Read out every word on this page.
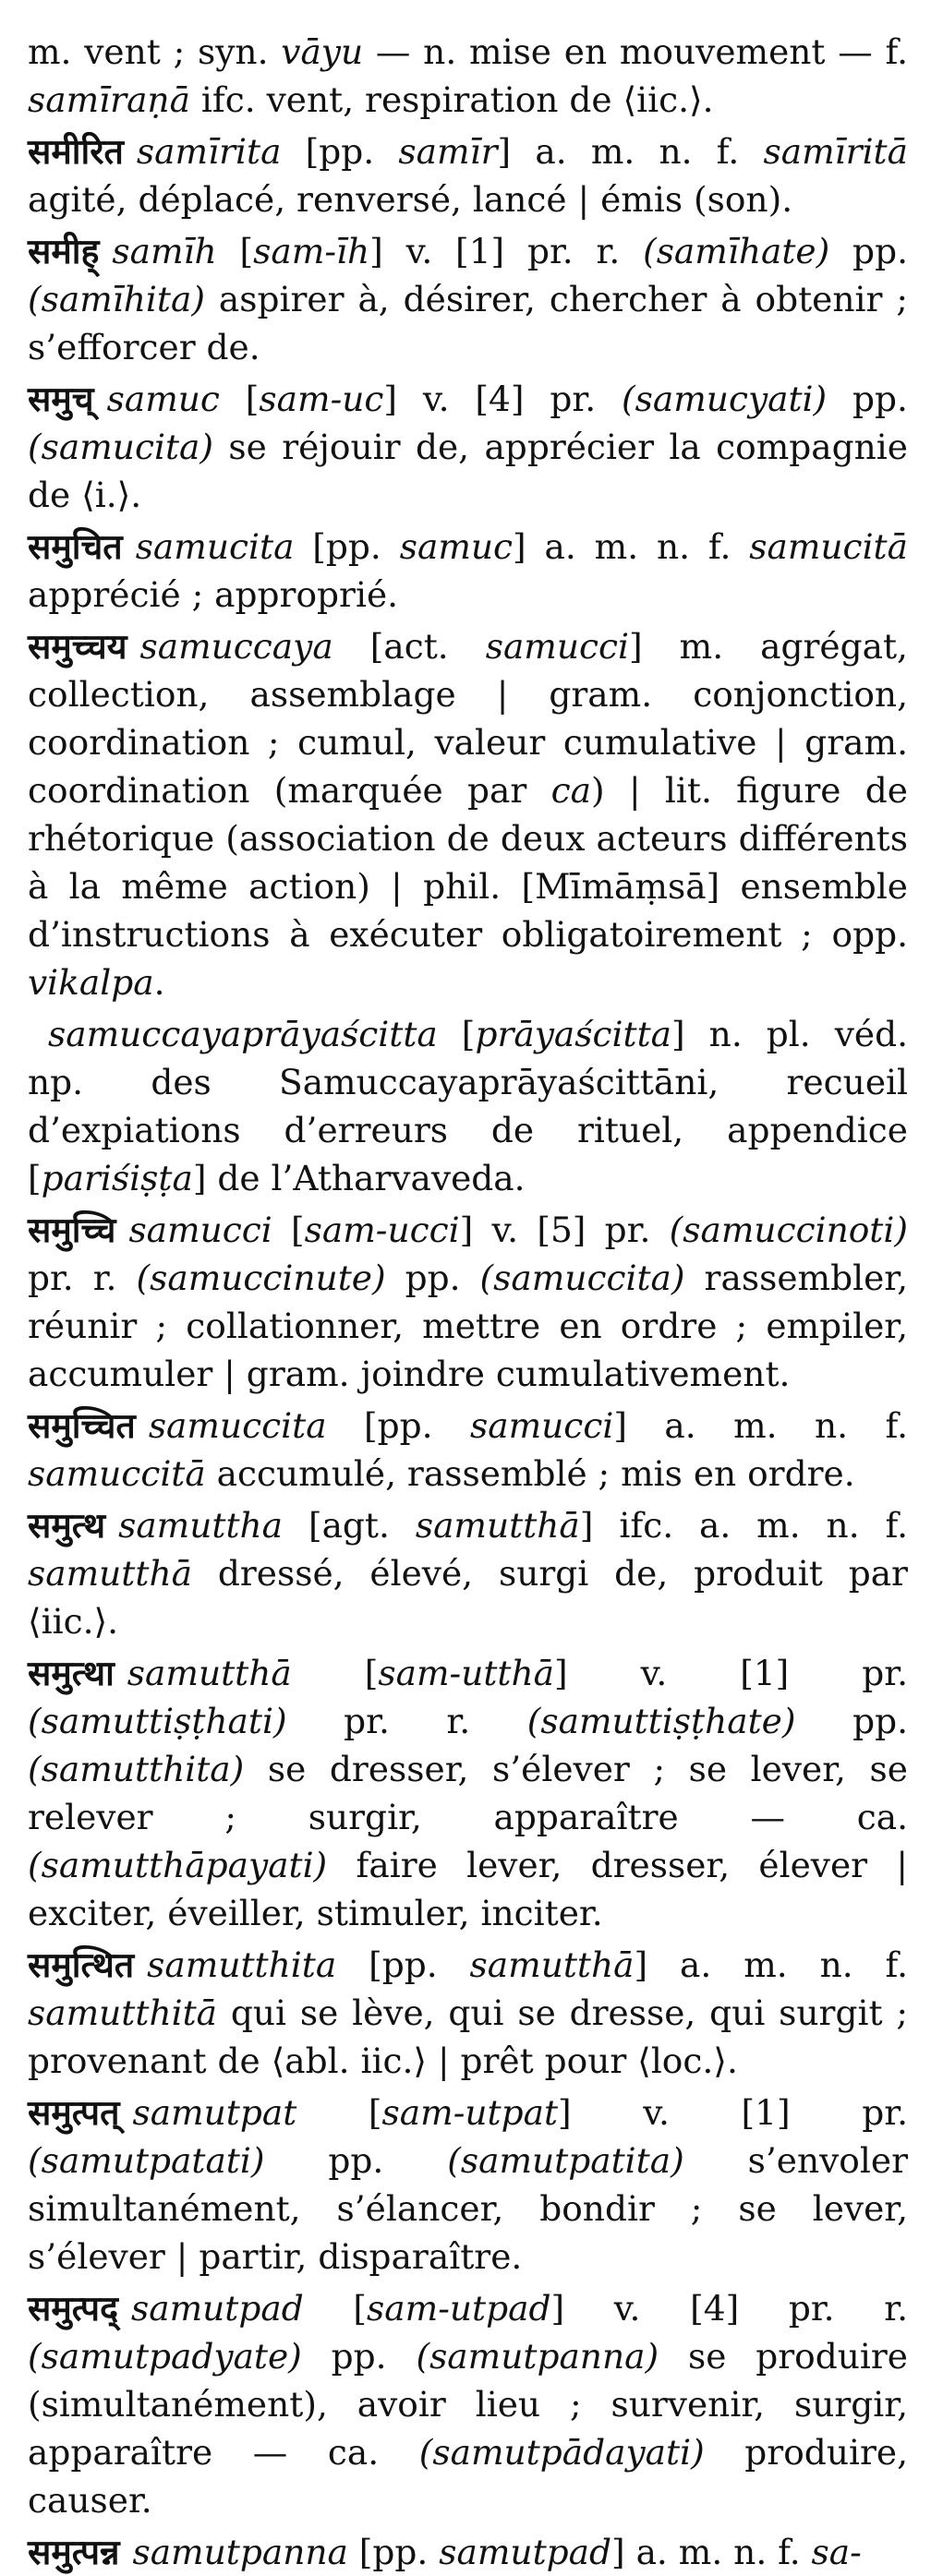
m. vent ; syn. vāyu — n. mise en mouvement — f. samīraṇā ifc. vent, respiration de ⟨iic.⟩.
समीरित samīrita [pp. samīr] a. m. n. f. samīritā agité, déplacé, renversé, lancé | émis (son).
समीह् samīh [sam-īh] v. [1] pr. r. (samīhate) pp. (samīhita) aspirer à, désirer, chercher à obtenir ; s’efforcer de.
समुच् samuc [sam-uc] v. [4] pr. (samucyati) pp. (samucita) se réjouir de, apprécier la compagnie de ⟨i.⟩.
समुचित samucita [pp. samuc] a. m. n. f. samucitā apprécié ; approprié.
समुच्चय samuccaya [act. samucci] m. agrégat, collection, assemblage | gram. conjonction, coordination ; cumul, valeur cumulative | gram. coordination (marquée par ca) | lit. figure de rhétorique (association de deux acteurs différents à la même action) | phil. [Mīmāṃsā] ensemble d’instructions à exécuter obligatoirement ; opp. vikalpa.
samuccayaprāyaścitta [prāyaścitta] n. pl. véd. np. des Samuccayaprāyaścittāni, recueil d’expiations d’erreurs de rituel, appendice [pariśiṣṭa] de l’Atharvaveda.
समुच्चि samucci [sam-ucci] v. [5] pr. (samuccinoti) pr. r. (samuccinute) pp. (samuccita) rassembler, réunir ; collationner, mettre en ordre ; empiler, accumuler | gram. joindre cumulativement.
समुच्चित samuccita [pp. samucci] a. m. n. f. samuccitā accumulé, rassemblé ; mis en ordre.
समुत्थ samuttha [agt. samutthā] ifc. a. m. n. f. samutthā dressé, élevé, surgi de, produit par ⟨iic.⟩.
समुत्था samutthā [sam-utthā] v. [1] pr. (samuttiṣṭhati) pr. r. (samuttiṣṭhate) pp. (samutthita) se dresser, s’élever ; se lever, se relever ; surgir, apparaître — ca. (samutthāpayati) faire lever, dresser, élever | exciter, éveiller, stimuler, inciter.
समुत्थित samutthita [pp. samutthā] a. m. n. f. samutthitā qui se lève, qui se dresse, qui surgit ; provenant de ⟨abl. iic.⟩ | prêt pour ⟨loc.⟩.
समुत्पत् samutpat [sam-utpat] v. [1] pr. (samutpatati) pp. (samutpatita) s’envoler simultanément, s’élancer, bondir ; se lever, s’élever | partir, disparaître.
समुत्पद् samutpad [sam-utpad] v. [4] pr. r. (samutpadyate) pp. (samutpanna) se produire (simultanément), avoir lieu ; survenir, surgir, apparaître — ca. (samutpādayati) produire, causer.
समुत्पन्न samutpanna [pp. samutpad] a. m. n. f. sa-
